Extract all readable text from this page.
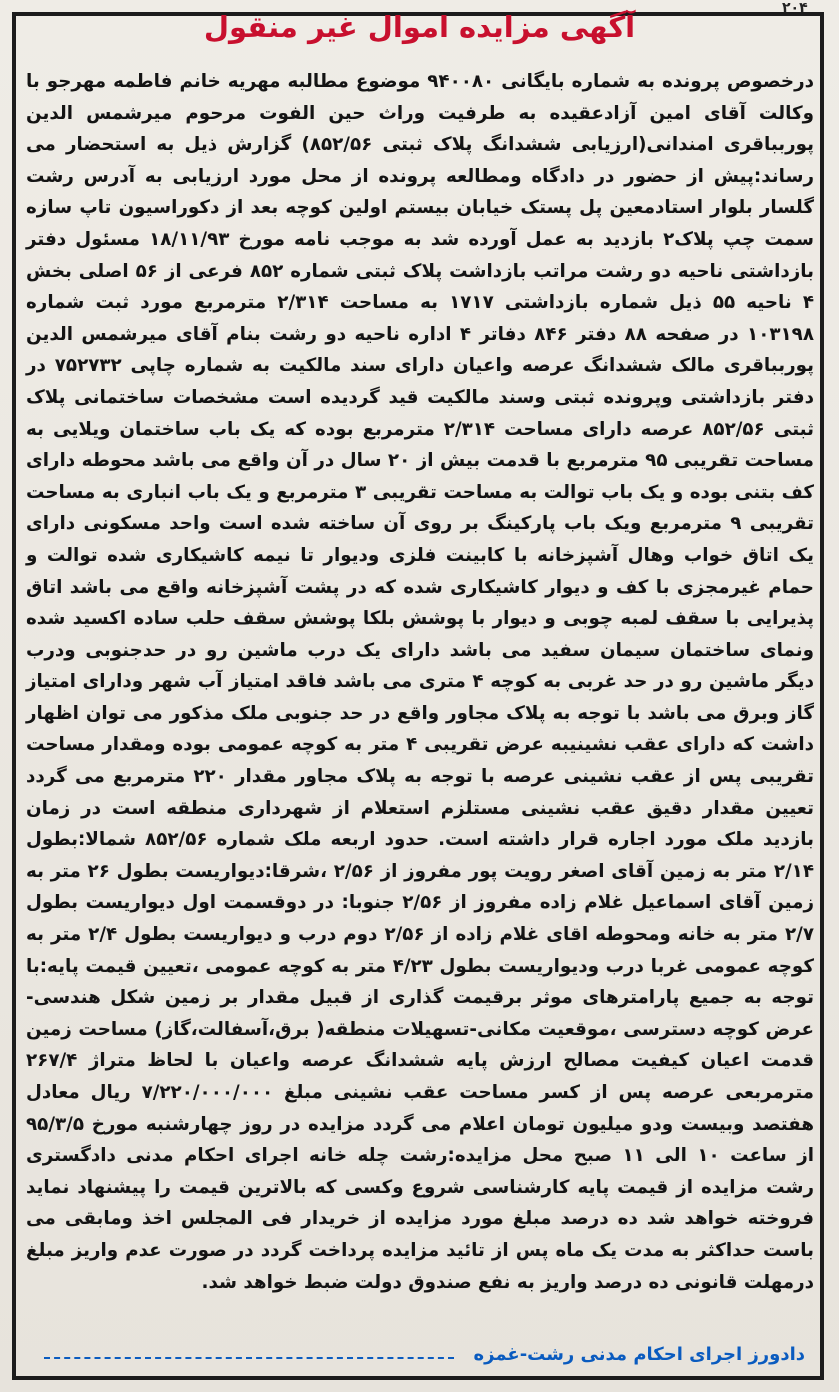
۲۰۴
آگهی مزایده اموال غیر منقول

درخصوص پرونده به شماره بایگانی ۹۴۰۰۸۰ موضوع مطالبه مهریه خانم فاطمه مهرجو با وکالت آقای امین آزادعقیده به طرفیت وراث حین الفوت مرحوم میرشمس الدین پوربباقری امندانی(ارزیابی ششدانگ پلاک ثبتی ۸۵۲/۵۶) گزارش ذیل به استحضار می رساند:پیش از حضور در دادگاه ومطالعه پرونده از محل مورد ارزیابی به آدرس رشت گلسار بلوار استادمعین پل پستک خیابان بیستم اولین کوچه بعد از دکوراسیون تاپ سازه سمت چپ پلاک۲ بازدید به عمل آورده شد به موجب نامه مورخ ۱۸/۱۱/۹۳ مسئول دفتر بازداشتی ناحیه دو رشت مراتب بازداشت پلاک ثبتی شماره ۸۵۲ فرعی از ۵۶ اصلی بخش ۴ ناحیه ۵۵ ذیل شماره بازداشتی ۱۷۱۷ به مساحت ۲/۳۱۴ مترمربع مورد ثبت شماره ۱۰۳۱۹۸ در صفحه ۸۸ دفتر ۸۴۶ دفاتر ۴ اداره ناحیه دو رشت بنام آقای میرشمس الدین پوربباقری مالک ششدانگ عرصه واعیان دارای سند مالکیت به شماره چاپی ۷۵۲۷۳۲ در دفتر بازداشتی وپرونده ثبتی وسند مالکیت قید گردیده است مشخصات ساختمانی پلاک ثبتی ۸۵۲/۵۶ عرصه دارای مساحت ۲/۳۱۴ مترمربع بوده که یک باب ساختمان ویلایی به مساحت تقریبی ۹۵ مترمربع با قدمت بیش از ۲۰ سال در آن واقع می باشد محوطه دارای کف بتنی بوده و یک باب توالت به مساحت تقریبی ۳ مترمربع و یک باب انباری به مساحت تقریبی ۹ مترمربع ویک باب پارکینگ بر روی آن ساخته شده است واحد مسکونی دارای یک اتاق خواب وهال آشپزخانه با کابینت فلزی ودیوار تا نیمه کاشیکاری شده توالت و حمام غیرمجزی با کف و دیوار کاشیکاری شده که در پشت آشپزخانه واقع می باشد اتاق پذیرایی با سقف لمبه چوبی و دیوار با پوشش بلکا پوشش سقف حلب ساده اکسید شده ونمای ساختمان سیمان سفید می باشد دارای یک درب ماشین رو در حدجنوبی ودرب دیگر ماشین رو در حد غربی به کوچه ۴ متری می باشد فاقد امتیاز آب شهر ودارای امتیاز گاز وبرق می باشد با توجه به پلاک مجاور واقع در حد جنوبی ملک مذکور می توان اظهار داشت که دارای عقب نشینیبه عرض تقریبی ۴ متر به کوچه عمومی بوده ومقدار مساحت تقریبی پس از عقب نشینی عرصه با توجه به پلاک مجاور مقدار ۲۲۰ مترمربع می گردد تعیین مقدار دقیق عقب نشینی مستلزم استعلام از شهرداری منطقه است در زمان بازدید ملک مورد اجاره قرار داشته است. حدود اربعه ملک شماره ۸۵۲/۵۶ شمالا:بطول ۲/۱۴ متر به زمین آقای اصغر رویت پور مفروز از ۲/۵۶ ،شرقا:دیواریست بطول ۲۶ متر به زمین آقای اسماعیل غلام زاده مفروز از ۲/۵۶ جنوبا: در دوقسمت اول دیواریست بطول ۲/۷ متر به خانه ومحوطه اقای غلام زاده از ۲/۵۶ دوم درب و دیواریست بطول ۲/۴ متر به کوچه عمومی غربا درب ودیواریست بطول ۴/۲۳ متر به کوچه عمومی ،تعیین قیمت پایه:با توجه به جمیع پارامترهای موثر برقیمت گذاری از قبیل مقدار بر زمین شکل هندسی-عرض کوچه دسترسی ،موقعیت مکانی-تسهیلات منطقه( برق،آسفالت،گاز) مساحت زمین قدمت اعیان کیفیت مصالح ارزش پایه ششدانگ عرصه واعیان با لحاظ متراژ ۲۶۷/۴ مترمربعی عرصه پس از کسر مساحت عقب نشینی مبلغ ۷/۲۲۰/۰۰۰/۰۰۰ ریال معادل هفتصد وبیست ودو میلیون تومان اعلام می گردد مزایده در روز چهارشنبه مورخ ۹۵/۳/۵ از ساعت ۱۰ الی ۱۱ صبح محل مزایده:رشت چله خانه اجرای احکام مدنی دادگستری رشت مزایده از قیمت پایه کارشناسی شروع وکسی که بالاترین قیمت را پیشنهاد نماید فروخته خواهد شد ده درصد مبلغ مورد مزایده از خریدار فی المجلس اخذ ومابقی می باست حداکثر به مدت یک ماه پس از تائید مزایده پرداخت گردد در صورت عدم واریز مبلغ درمهلت قانونی ده درصد واریز به نفع صندوق دولت ضبط خواهد شد.

دادورز اجرای احکام مدنی رشت-غمزه
